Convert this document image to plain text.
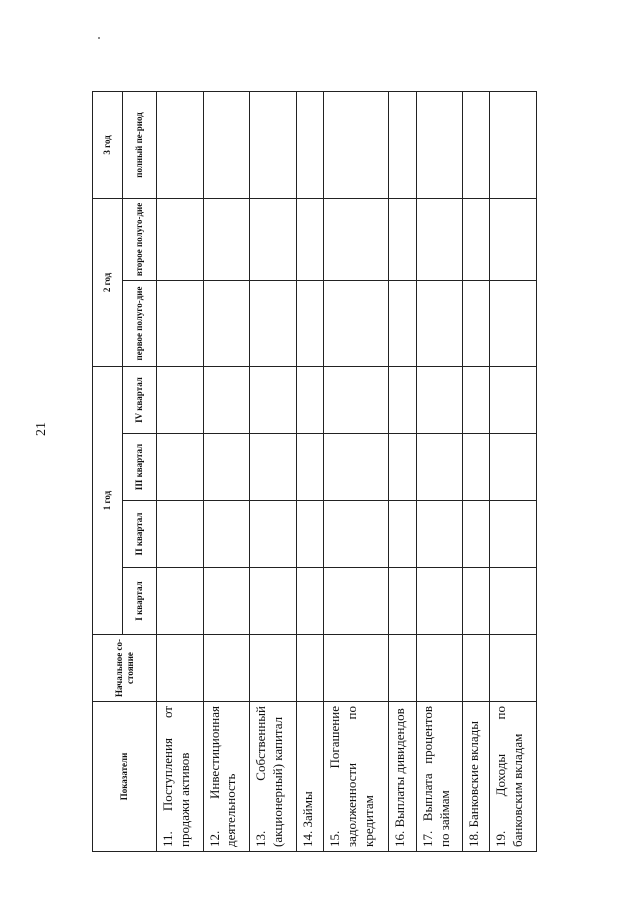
21
Показатели	Начальное со-стояние	1 год				2 год		3 год
		I квартал	II квартал	III квартал	IV квартал	первое полуго-дие	второе полуго-дие	полный пе-риод
11. Поступления от продажи активов								
12. Инвестиционная деятельность								
13. Собственный (акционерный) капитал								
14. Займы								
15. Погашение задолженности по кредитам								
16. Выплаты дивидендов								
17. Выплата процентов по займам								
18. Банковские вклады								
19. Доходы по банковским вкладам								
